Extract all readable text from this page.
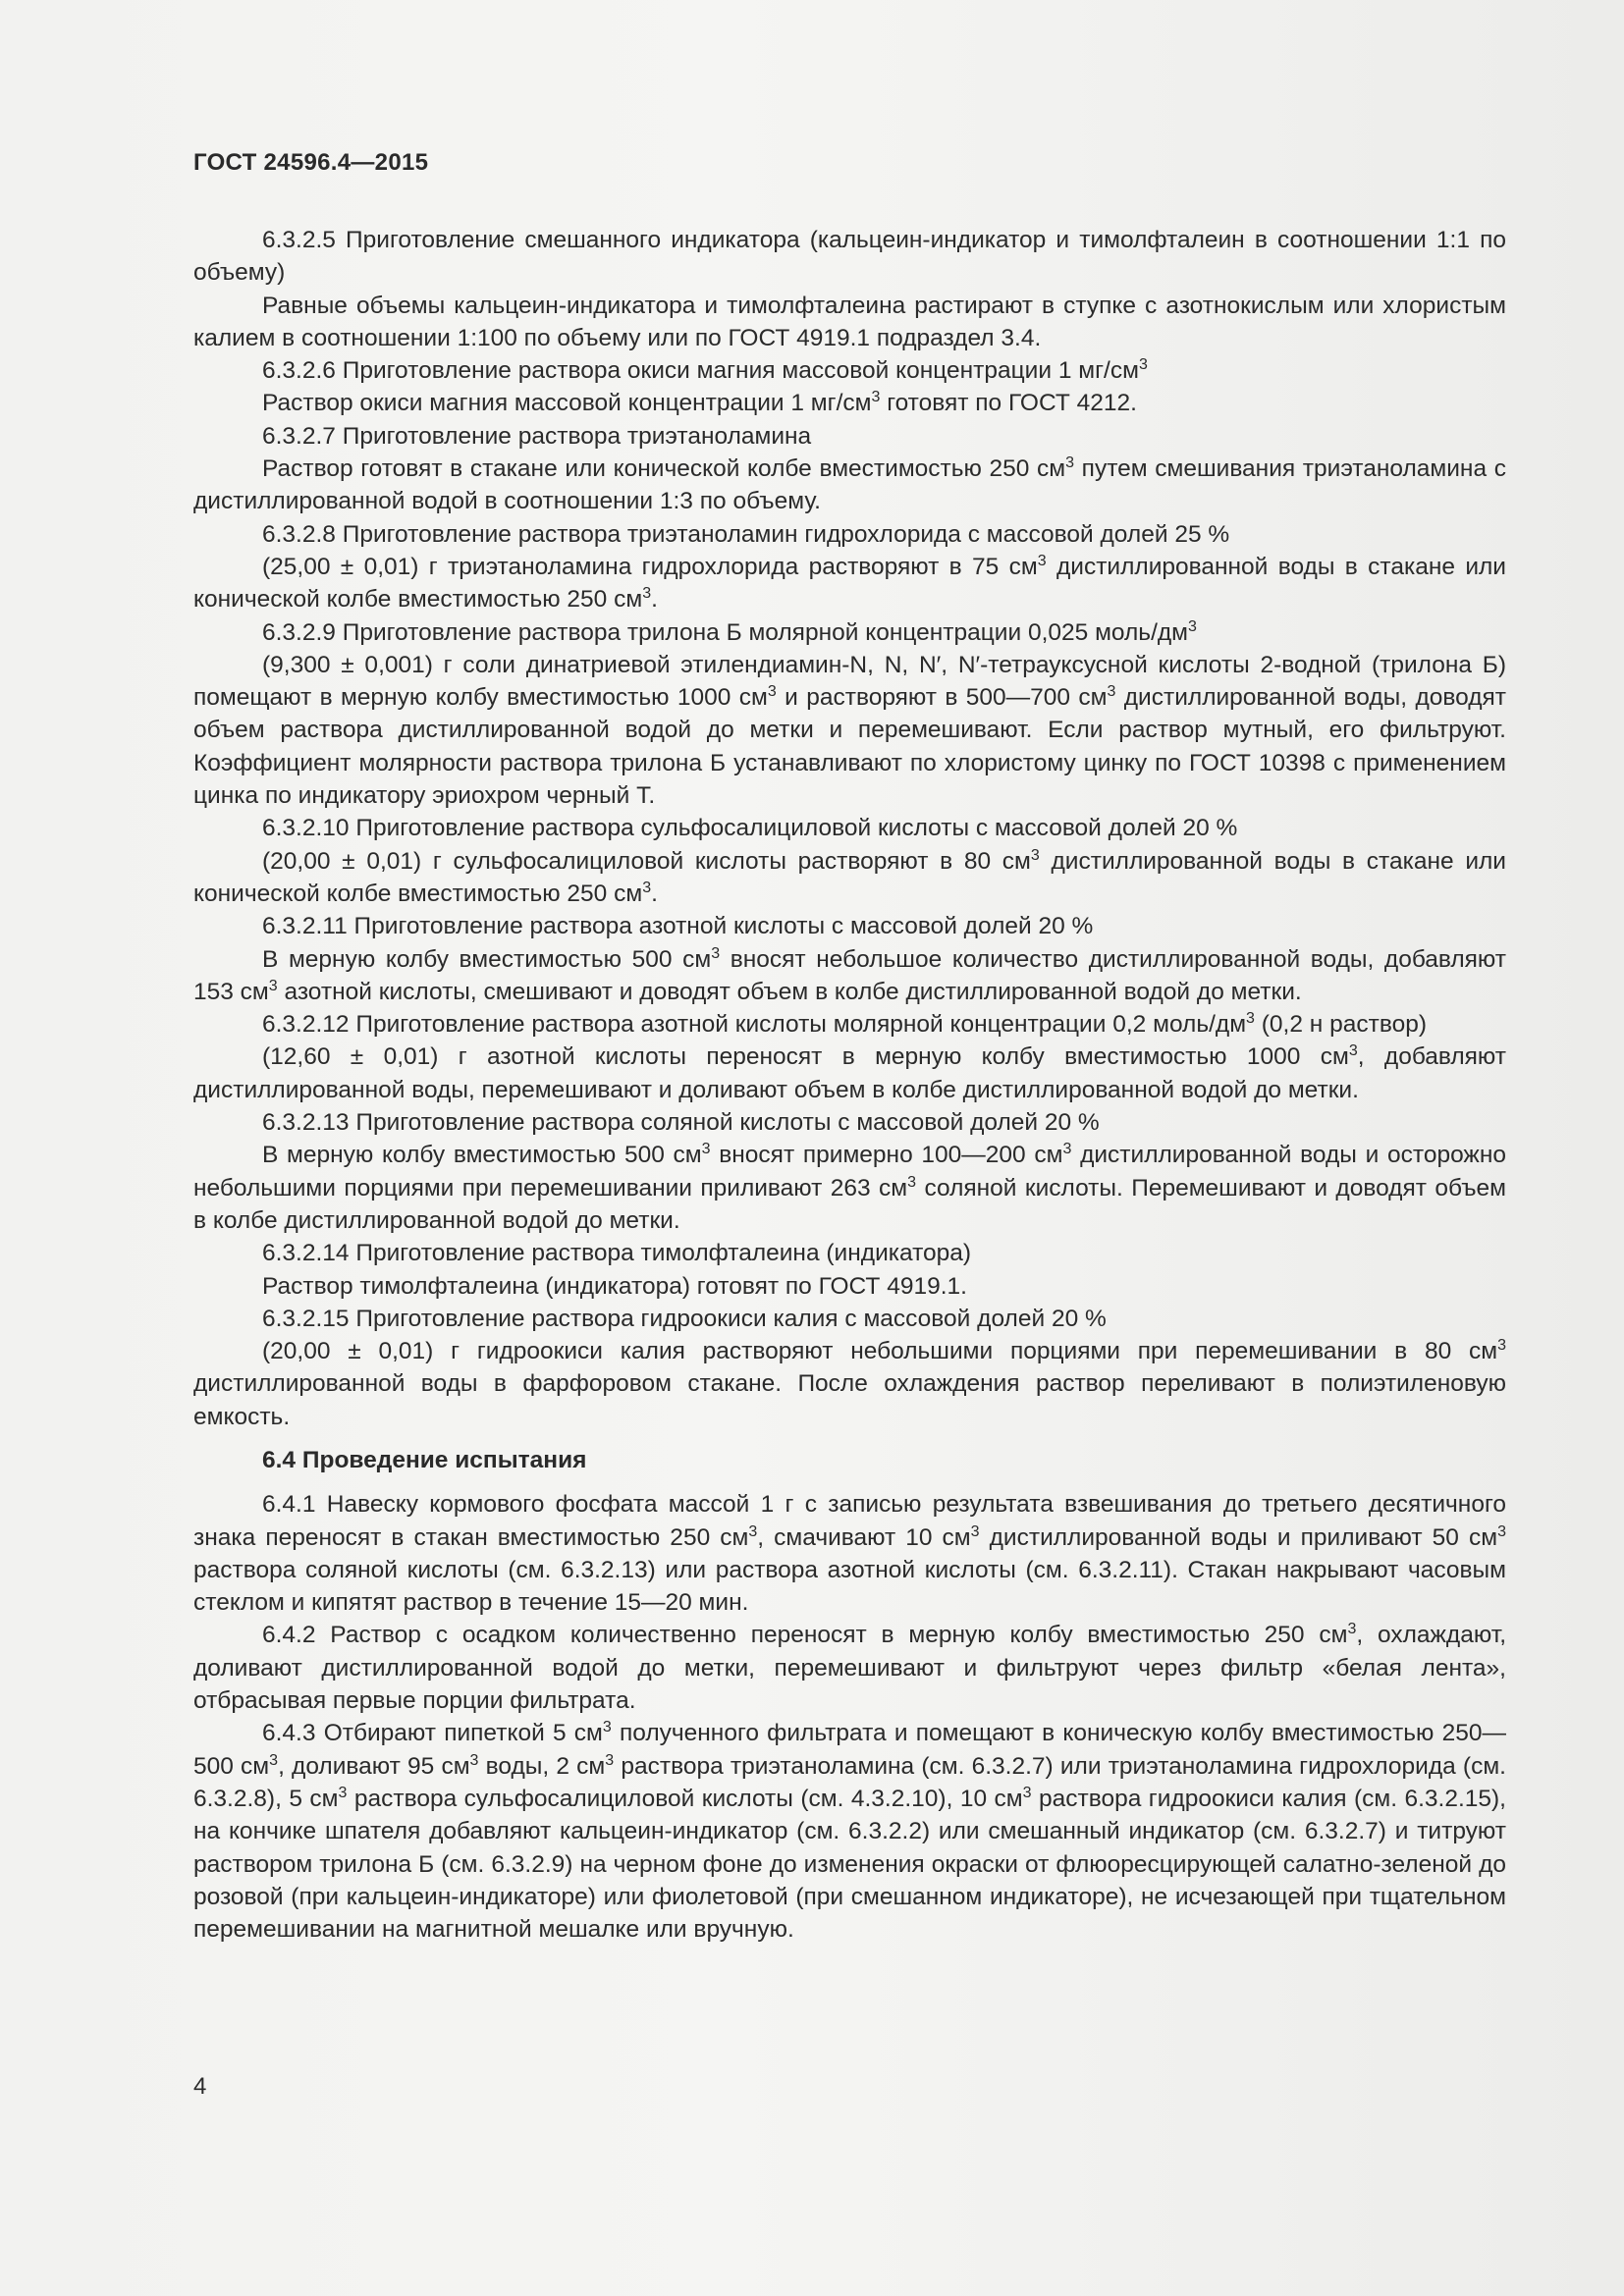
ГОСТ 24596.4—2015

6.3.2.5 Приготовление смешанного индикатора (кальцеин-индикатор и тимолфталеин в соотношении 1:1 по объему)

Равные объемы кальцеин-индикатора и тимолфталеина растирают в ступке с азотнокислым или хлористым калием в соотношении 1:100 по объему или по ГОСТ 4919.1 подраздел 3.4.

6.3.2.6 Приготовление раствора окиси магния массовой концентрации 1 $мг/см^3$

Раствор окиси магния массовой концентрации 1 $мг/см^3$ готовят по ГОСТ 4212.

6.3.2.7 Приготовление раствора триэтаноламина

Раствор готовят в стакане или конической колбе вместимостью 250 $см^3$ путем смешивания триэтаноламина с дистиллированной водой в соотношении 1:3 по объему.

6.3.2.8 Приготовление раствора триэтаноламин гидрохлорида с массовой долей 25 %

(25,00 ± 0,01) г триэтаноламина гидрохлорида растворяют в 75 $см^3$ дистиллированной воды в стакане или конической колбе вместимостью 250 $см^3$.

6.3.2.9 Приготовление раствора трилона Б молярной концентрации 0,025 моль/$дм^3$

(9,300 ± 0,001) г соли динатриевой этилендиамин-N, N, N′, N′-тетрауксусной кислоты 2-водной (трилона Б) помещают в мерную колбу вместимостью 1000 $см^3$ и растворяют в 500—700 $см^3$ дистиллированной воды, доводят объем раствора дистиллированной водой до метки и перемешивают. Если раствор мутный, его фильтруют. Коэффициент молярности раствора трилона Б устанавливают по хлористому цинку по ГОСТ 10398 с применением цинка по индикатору эриохром черный Т.

6.3.2.10 Приготовление раствора сульфосалициловой кислоты с массовой долей 20 %

(20,00 ± 0,01) г сульфосалициловой кислоты растворяют в 80 $см^3$ дистиллированной воды в стакане или конической колбе вместимостью 250 $см^3$.

6.3.2.11 Приготовление раствора азотной кислоты с массовой долей 20 %

В мерную колбу вместимостью 500 $см^3$ вносят небольшое количество дистиллированной воды, добавляют 153 $см^3$ азотной кислоты, смешивают и доводят объем в колбе дистиллированной водой до метки.

6.3.2.12 Приготовление раствора азотной кислоты молярной концентрации 0,2 моль/$дм^3$ (0,2 н раствор)

(12,60 ± 0,01) г азотной кислоты переносят в мерную колбу вместимостью 1000 $см^3$, добавляют дистиллированной воды, перемешивают и доливают объем в колбе дистиллированной водой до метки.

6.3.2.13 Приготовление раствора соляной кислоты с массовой долей 20 %

В мерную колбу вместимостью 500 $см^3$ вносят примерно 100—200 $см^3$ дистиллированной воды и осторожно небольшими порциями при перемешивании приливают 263 $см^3$ соляной кислоты. Перемешивают и доводят объем в колбе дистиллированной водой до метки.

6.3.2.14 Приготовление раствора тимолфталеина (индикатора)

Раствор тимолфталеина (индикатора) готовят по ГОСТ 4919.1.

6.3.2.15 Приготовление раствора гидроокиси калия с массовой долей 20 %

(20,00 ± 0,01) г гидроокиси калия растворяют небольшими порциями при перемешивании в 80 $см^3$ дистиллированной воды в фарфоровом стакане. После охлаждения раствор переливают в полиэтиленовую емкость.

6.4 Проведение испытания

6.4.1 Навеску кормового фосфата массой 1 г с записью результата взвешивания до третьего десятичного знака переносят в стакан вместимостью 250 $см^3$, смачивают 10 $см^3$ дистиллированной воды и приливают 50 $см^3$ раствора соляной кислоты (см. 6.3.2.13) или раствора азотной кислоты (см. 6.3.2.11). Стакан накрывают часовым стеклом и кипятят раствор в течение 15—20 мин.

6.4.2 Раствор с осадком количественно переносят в мерную колбу вместимостью 250 $см^3$, охлаждают, доливают дистиллированной водой до метки, перемешивают и фильтруют через фильтр «белая лента», отбрасывая первые порции фильтрата.

6.4.3 Отбирают пипеткой 5 $см^3$ полученного фильтрата и помещают в коническую колбу вместимостью 250—500 $см^3$, доливают 95 $см^3$ воды, 2 $см^3$ раствора триэтаноламина (см. 6.3.2.7) или триэтаноламина гидрохлорида (см. 6.3.2.8), 5 $см^3$ раствора сульфосалициловой кислоты (см. 4.3.2.10), 10 $см^3$ раствора гидроокиси калия (см. 6.3.2.15), на кончике шпателя добавляют кальцеин-индикатор (см. 6.3.2.2) или смешанный индикатор (см. 6.3.2.7) и титруют раствором трилона Б (см. 6.3.2.9) на черном фоне до изменения окраски от флюоресцирующей салатно-зеленой до розовой (при кальцеин-индикаторе) или фиолетовой (при смешанном индикаторе), не исчезающей при тщательном перемешивании на магнитной мешалке или вручную.

4
